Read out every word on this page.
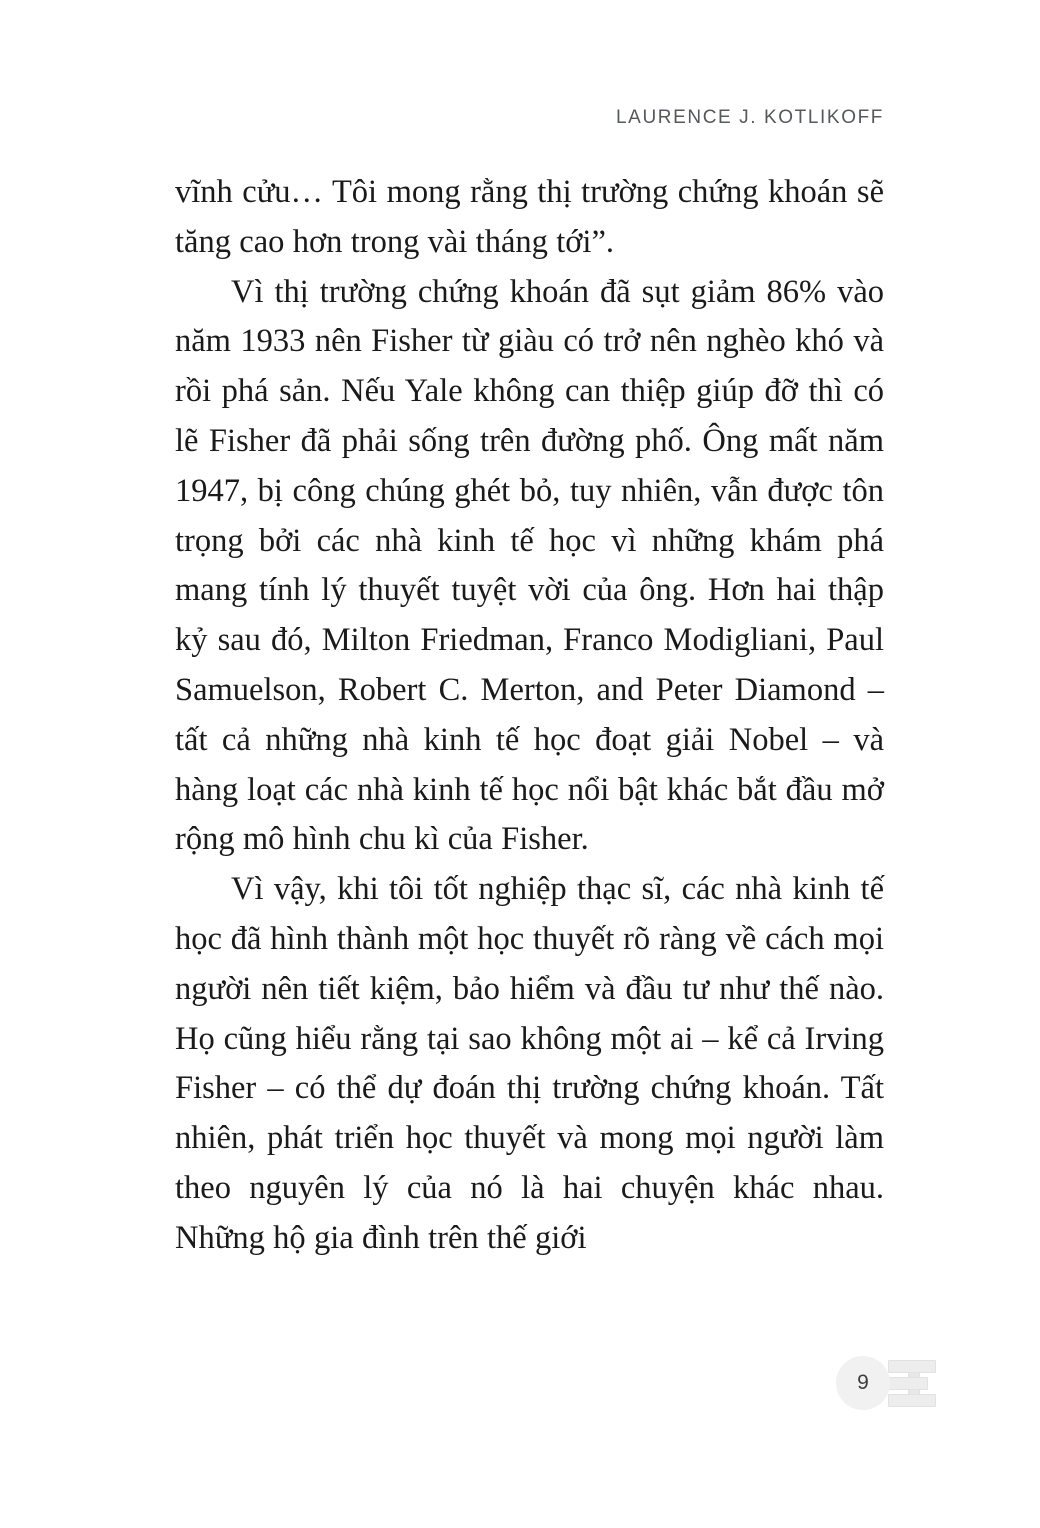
LAURENCE J. KOTLIKOFF

vĩnh cửu… Tôi mong rằng thị trường chứng khoán sẽ tăng cao hơn trong vài tháng tới”.

Vì thị trường chứng khoán đã sụt giảm 86% vào năm 1933 nên Fisher từ giàu có trở nên nghèo khó và rồi phá sản. Nếu Yale không can thiệp giúp đỡ thì có lẽ Fisher đã phải sống trên đường phố. Ông mất năm 1947, bị công chúng ghét bỏ, tuy nhiên, vẫn được tôn trọng bởi các nhà kinh tế học vì những khám phá mang tính lý thuyết tuyệt vời của ông. Hơn hai thập kỷ sau đó, Milton Friedman, Franco Modigliani, Paul Samuelson, Robert C. Merton, and Peter Diamond – tất cả những nhà kinh tế học đoạt giải Nobel – và hàng loạt các nhà kinh tế học nổi bật khác bắt đầu mở rộng mô hình chu kì của Fisher.

Vì vậy, khi tôi tốt nghiệp thạc sĩ, các nhà kinh tế học đã hình thành một học thuyết rõ ràng về cách mọi người nên tiết kiệm, bảo hiểm và đầu tư như thế nào. Họ cũng hiểu rằng tại sao không một ai – kể cả Irving Fisher – có thể dự đoán thị trường chứng khoán. Tất nhiên, phát triển học thuyết và mong mọi người làm theo nguyên lý của nó là hai chuyện khác nhau. Những hộ gia đình trên thế giới

9
